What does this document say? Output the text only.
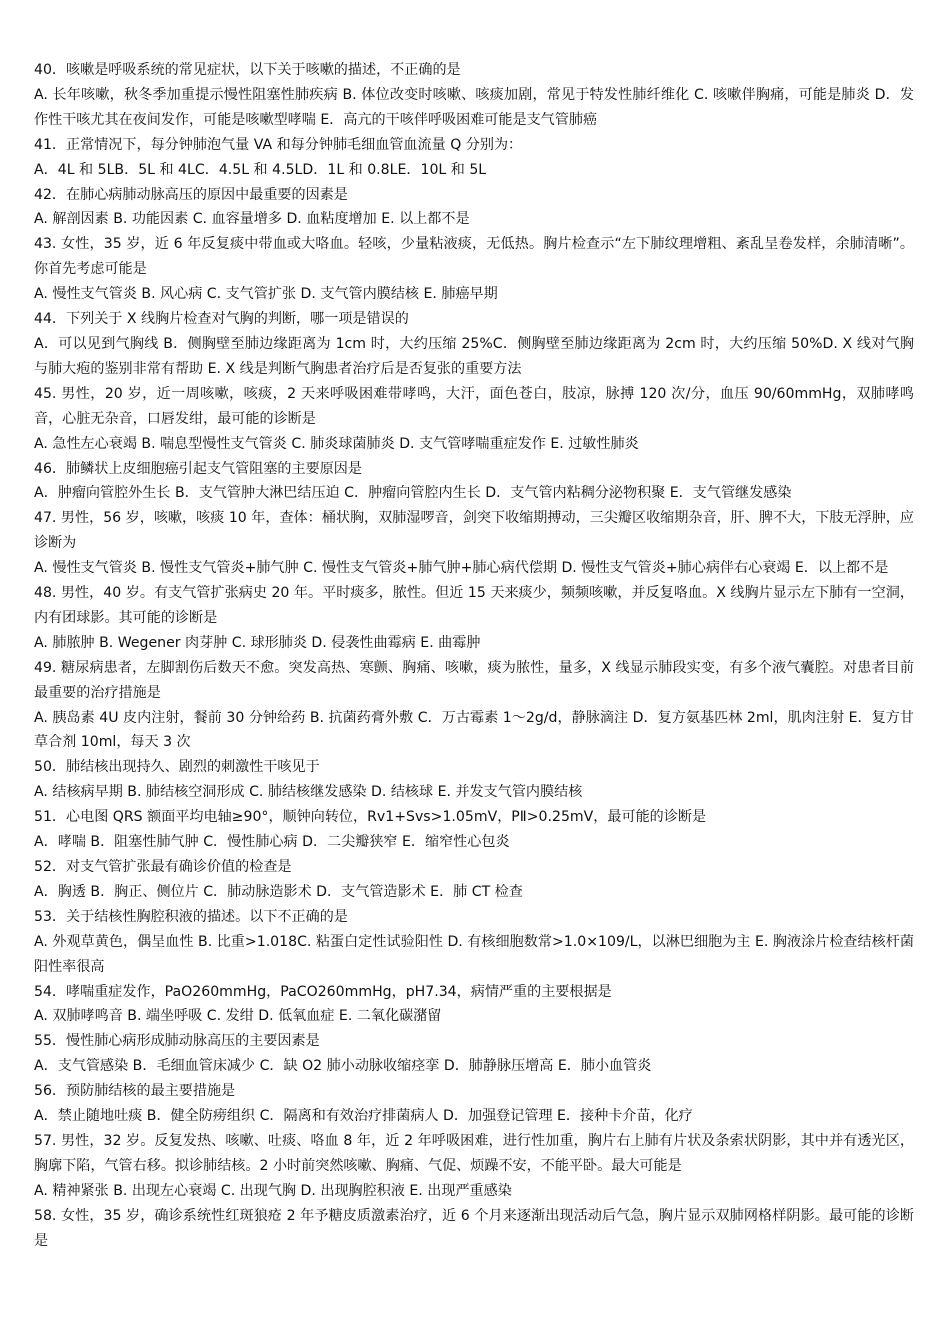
40．咳嗽是呼吸系统的常见症状，以下关于咳嗽的描述，不正确的是

A. 长年咳嗽，秋冬季加重提示慢性阻塞性肺疾病 B. 体位改变时咳嗽、咳痰加剧，常见于特发性肺纤维化 C. 咳嗽伴胸痛，可能是肺炎 D．发作性干咳尤其在夜间发作，可能是咳嗽型哮喘 E．高亢的干咳伴呼吸困难可能是支气管肺癌

41．正常情况下，每分钟肺泡气量 VA 和每分钟肺毛细血管血流量 Q 分别为：

A．4L 和 5LB．5L 和 4LC．4.5L 和 4.5LD．1L 和 0.8LE．10L 和 5L

42．在肺心病肺动脉高压的原因中最重要的因素是

A. 解剖因素 B. 功能因素 C. 血容量增多 D. 血粘度增加 E. 以上都不是

43. 女性，35 岁，近 6 年反复痰中带血或大咯血。轻咳，少量粘液痰，无低热。胸片检查示“左下肺纹理增粗、紊乱呈卷发样，余肺清晰”。你首先考虑可能是

A. 慢性支气管炎 B. 风心病 C. 支气管扩张 D. 支气管内膜结核 E. 肺癌早期

44．下列关于 X 线胸片检查对气胸的判断，哪一项是错误的

A．可以见到气胸线 B．侧胸壁至肺边缘距离为 1cm 时，大约压缩 25%C．侧胸壁至肺边缘距离为 2cm 时，大约压缩 50%D. X 线对气胸与肺大疱的鉴别非常有帮助 E. X 线是判断气胸患者治疗后是否复张的重要方法

45. 男性，20 岁，近一周咳嗽，咳痰，2 天来呼吸困难带哮鸣，大汗，面色苍白，肢凉，脉搏 120 次/分，血压 90/60mmHg，双肺哮鸣音，心脏无杂音，口唇发绀，最可能的诊断是

A. 急性左心衰竭 B. 喘息型慢性支气管炎 C. 肺炎球菌肺炎 D. 支气管哮喘重症发作 E. 过敏性肺炎

46．肺鳞状上皮细胞癌引起支气管阻塞的主要原因是

A．肿瘤向管腔外生长 B．支气管肿大淋巴结压迫 C．肿瘤向管腔内生长 D．支气管内粘稠分泌物积聚 E．支气管继发感染

47. 男性，56 岁，咳嗽，咳痰 10 年，查体：桶状胸，双肺湿啰音，剑突下收缩期搏动，三尖瓣区收缩期杂音，肝、脾不大，下肢无浮肿，应诊断为

A. 慢性支气管炎 B. 慢性支气管炎+肺气肿 C. 慢性支气管炎+肺气肿+肺心病代偿期 D. 慢性支气管炎+肺心病伴右心衰竭 E．以上都不是

48. 男性，40 岁。有支气管扩张病史 20 年。平时痰多，脓性。但近 15 天来痰少，频频咳嗽，并反复咯血。X 线胸片显示左下肺有一空洞，内有团球影。其可能的诊断是

A. 肺脓肿 B. Wegener 肉芽肿 C. 球形肺炎 D. 侵袭性曲霉病 E. 曲霉肿

49. 糖尿病患者，左脚割伤后数天不愈。突发高热、寒颤、胸痛、咳嗽，痰为脓性，量多，X 线显示肺段实变，有多个液气囊腔。对患者目前最重要的治疗措施是

A. 胰岛素 4U 皮内注射，餐前 30 分钟给药 B. 抗菌药膏外敷 C．万古霉素 1～2g/d，静脉滴注 D．复方氨基匹林 2ml，肌肉注射 E．复方甘草合剂 10ml，每天 3 次

50．肺结核出现持久、剧烈的刺激性干咳见于

A. 结核病早期 B. 肺结核空洞形成 C. 肺结核继发感染 D. 结核球 E. 并发支气管内膜结核

51．心电图 QRS 额面平均电轴≥90°，顺钟向转位，Rv1+Svs>1.05mV，PⅡ>0.25mV，最可能的诊断是

A．哮喘 B．阻塞性肺气肿 C．慢性肺心病 D．二尖瓣狭窄 E．缩窄性心包炎

52．对支气管扩张最有确诊价值的检查是

A．胸透 B．胸正、侧位片 C．肺动脉造影术 D．支气管造影术 E．肺 CT 检查

53．关于结核性胸腔积液的描述。以下不正确的是

A. 外观草黄色，偶呈血性 B. 比重>1.018C. 粘蛋白定性试验阳性 D. 有核细胞数常>1.0×109/L，以淋巴细胞为主 E. 胸液涂片检查结核杆菌阳性率很高

54．哮喘重症发作，PaO260mmHg，PaCO260mmHg，pH7.34，病情严重的主要根据是

A. 双肺哮鸣音 B. 端坐呼吸 C. 发绀 D. 低氧血症 E. 二氧化碳潴留

55．慢性肺心病形成肺动脉高压的主要因素是

A．支气管感染 B．毛细血管床减少 C．缺 O2 肺小动脉收缩痉挛 D．肺静脉压增高 E．肺小血管炎

56．预防肺结核的最主要措施是

A．禁止随地吐痰 B．健全防痨组织 C．隔离和有效治疗排菌病人 D．加强登记管理 E．接种卡介苗，化疗

57. 男性，32 岁。反复发热、咳嗽、吐痰、咯血 8 年，近 2 年呼吸困难，进行性加重，胸片右上肺有片状及条索状阴影，其中并有透光区，胸廓下陷，气管右移。拟诊肺结核。2 小时前突然咳嗽、胸痛、气促、烦躁不安，不能平卧。最大可能是

A. 精神紧张 B. 出现左心衰竭 C. 出现气胸 D. 出现胸腔积液 E. 出现严重感染

58. 女性，35 岁，确诊系统性红斑狼疮 2 年予糖皮质激素治疗，近 6 个月来逐渐出现活动后气急，胸片显示双肺网格样阴影。最可能的诊断是
